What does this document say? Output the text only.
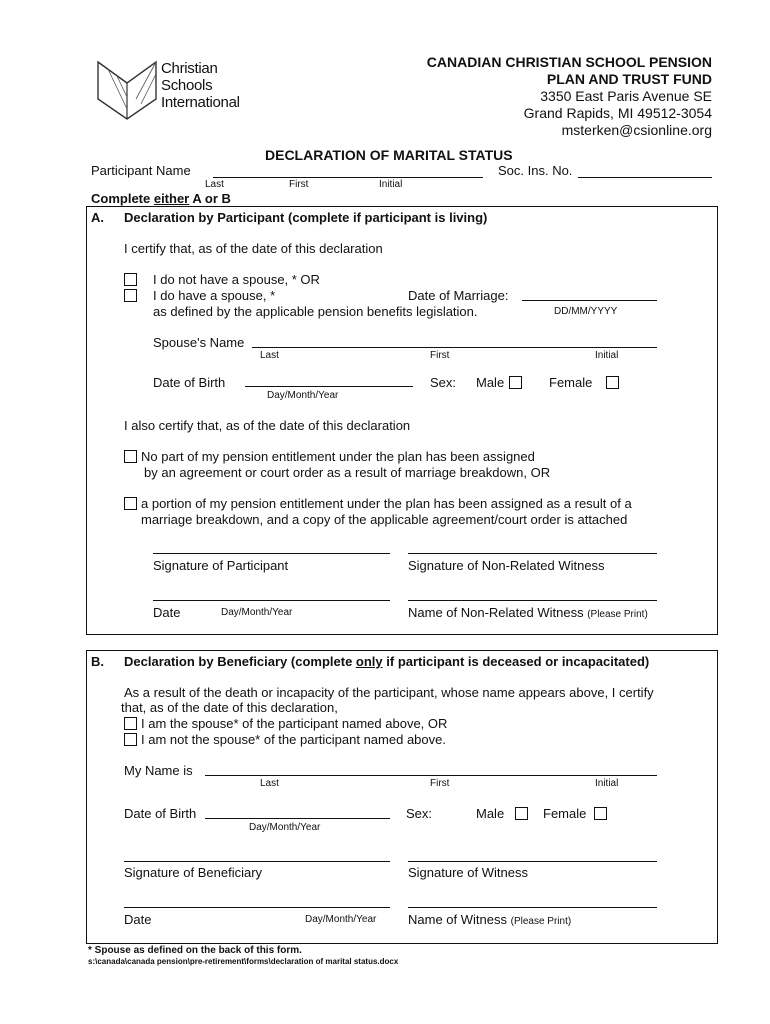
Christian
Schools
International
CANADIAN CHRISTIAN SCHOOL PENSION
PLAN AND TRUST FUND
3350 East Paris Avenue SE
Grand Rapids, MI 49512-3054
msterken@csionline.org
DECLARATION OF MARITAL STATUS
Participant Name	Soc. Ins. No.
Last	First	Initial
Complete either A or B
A. Declaration by Participant (complete if participant is living)
I certify that, as of the date of this declaration
I do not have a spouse, * OR
I do have a spouse, *	Date of Marriage:
as defined by the applicable pension benefits legislation.	DD/MM/YYYY
Spouse's Name
Last	First	Initial
Date of Birth
Day/Month/Year
Sex: Male	Female
I also certify that, as of the date of this declaration
No part of my pension entitlement under the plan has been assigned
by an agreement or court order as a result of marriage breakdown, OR
a portion of my pension entitlement under the plan has been assigned as a result of a
marriage breakdown, and a copy of the applicable agreement/court order is attached
Signature of Participant	Signature of Non-Related Witness
Date	Day/Month/Year	Name of Non-Related Witness (Please Print)
B. Declaration by Beneficiary (complete only if participant is deceased or incapacitated)
As a result of the death or incapacity of the participant, whose name appears above, I certify
that, as of the date of this declaration,
I am the spouse* of the participant named above, OR
I am not the spouse* of the participant named above.
My Name is
Last	First	Initial
Date of Birth
Day/Month/Year
Sex:	Male	Female
Signature of Beneficiary	Signature of Witness
Date	Day/Month/Year Name of Witness (Please Print)
* Spouse as defined on the back of this form.
s:\canada\canada pension\pre-retirement\forms\declaration of marital status.docx
